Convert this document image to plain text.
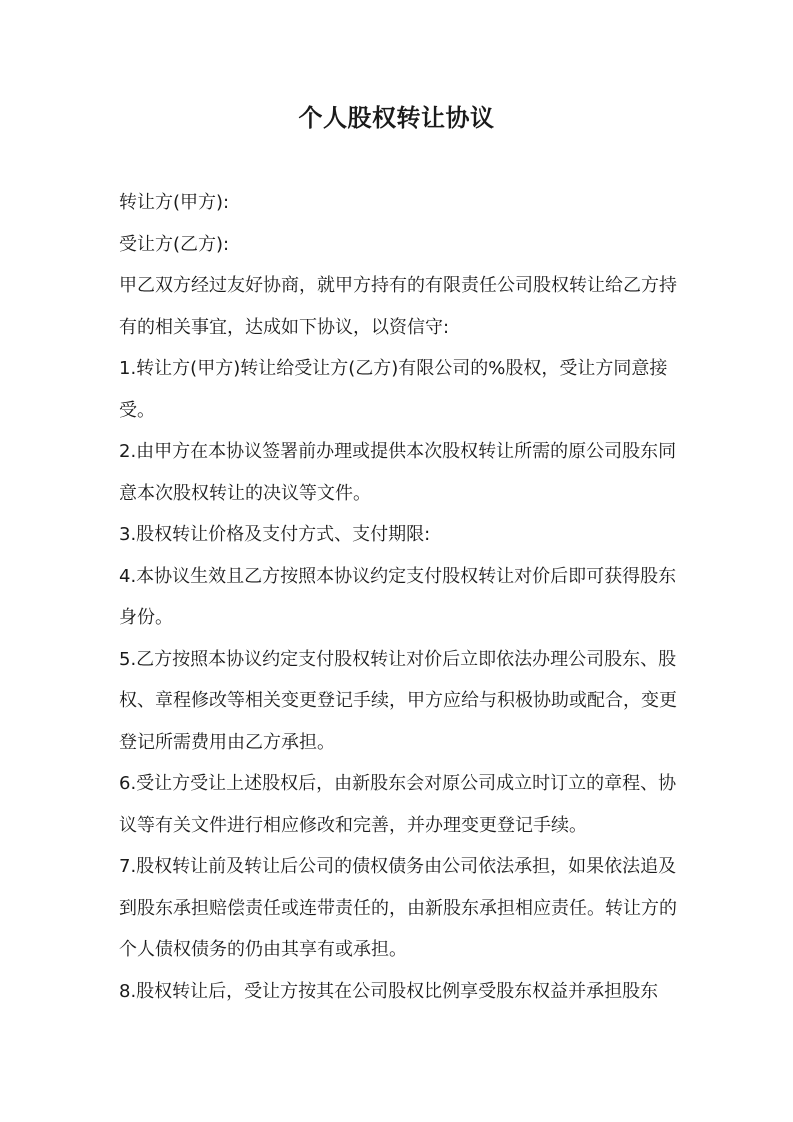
个人股权转让协议

转让方(甲方):

受让方(乙方):

甲乙双方经过友好协商，就甲方持有的有限责任公司股权转让给乙方持有的相关事宜，达成如下协议，以资信守:

1.转让方(甲方)转让给受让方(乙方)有限公司的%股权，受让方同意接受。

2.由甲方在本协议签署前办理或提供本次股权转让所需的原公司股东同意本次股权转让的决议等文件。

3.股权转让价格及支付方式、支付期限:

4.本协议生效且乙方按照本协议约定支付股权转让对价后即可获得股东身份。

5.乙方按照本协议约定支付股权转让对价后立即依法办理公司股东、股权、章程修改等相关变更登记手续，甲方应给与积极协助或配合，变更登记所需费用由乙方承担。

6.受让方受让上述股权后，由新股东会对原公司成立时订立的章程、协议等有关文件进行相应修改和完善，并办理变更登记手续。

7.股权转让前及转让后公司的债权债务由公司依法承担，如果依法追及到股东承担赔偿责任或连带责任的，由新股东承担相应责任。转让方的个人债权债务的仍由其享有或承担。

8.股权转让后，受让方按其在公司股权比例享受股东权益并承担股东
